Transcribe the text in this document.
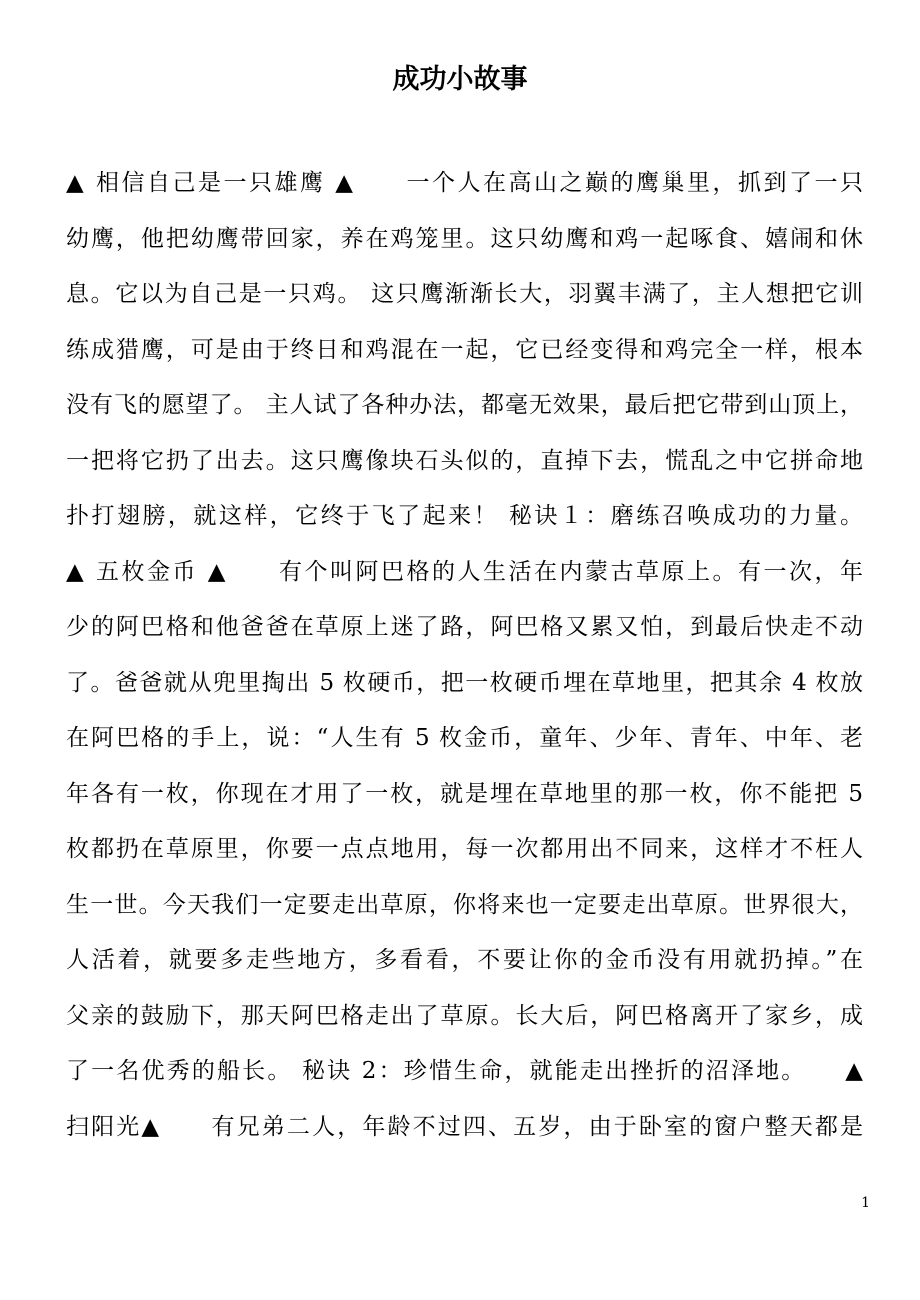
成功小故事
▲ 相信自己是一只雄鹰 ▲　　一个人在高山之巅的鹰巢里，抓到了一只
幼鹰，他把幼鹰带回家，养在鸡笼里。这只幼鹰和鸡一起啄食、嬉闹和休
息。它以为自己是一只鸡。 这只鹰渐渐长大，羽翼丰满了，主人想把它训
练成猎鹰，可是由于终日和鸡混在一起，它已经变得和鸡完全一样，根本
没有飞的愿望了。 主人试了各种办法，都毫无效果，最后把它带到山顶上，
一把将它扔了出去。这只鹰像块石头似的，直掉下去，慌乱之中它拼命地
扑打翅膀，就这样，它终于飞了起来！ 秘诀１：磨练召唤成功的力量。
▲ 五枚金币 ▲　　有个叫阿巴格的人生活在内蒙古草原上。有一次，年
少的阿巴格和他爸爸在草原上迷了路，阿巴格又累又怕，到最后快走不动
了。爸爸就从兜里掏出 5 枚硬币，把一枚硬币埋在草地里，把其余 4 枚放
在阿巴格的手上，说：“人生有 5 枚金币，童年、少年、青年、中年、老
年各有一枚，你现在才用了一枚，就是埋在草地里的那一枚，你不能把 5
枚都扔在草原里，你要一点点地用，每一次都用出不同来，这样才不枉人
生一世。今天我们一定要走出草原，你将来也一定要走出草原。世界很大，
人活着，就要多走些地方，多看看，不要让你的金币没有用就扔掉。”在
父亲的鼓励下，那天阿巴格走出了草原。长大后，阿巴格离开了家乡，成
了一名优秀的船长。 秘诀 2：珍惜生命，就能走出挫折的沼泽地。　　▲
扫阳光▲　　有兄弟二人，年龄不过四、五岁，由于卧室的窗户整天都是
1
